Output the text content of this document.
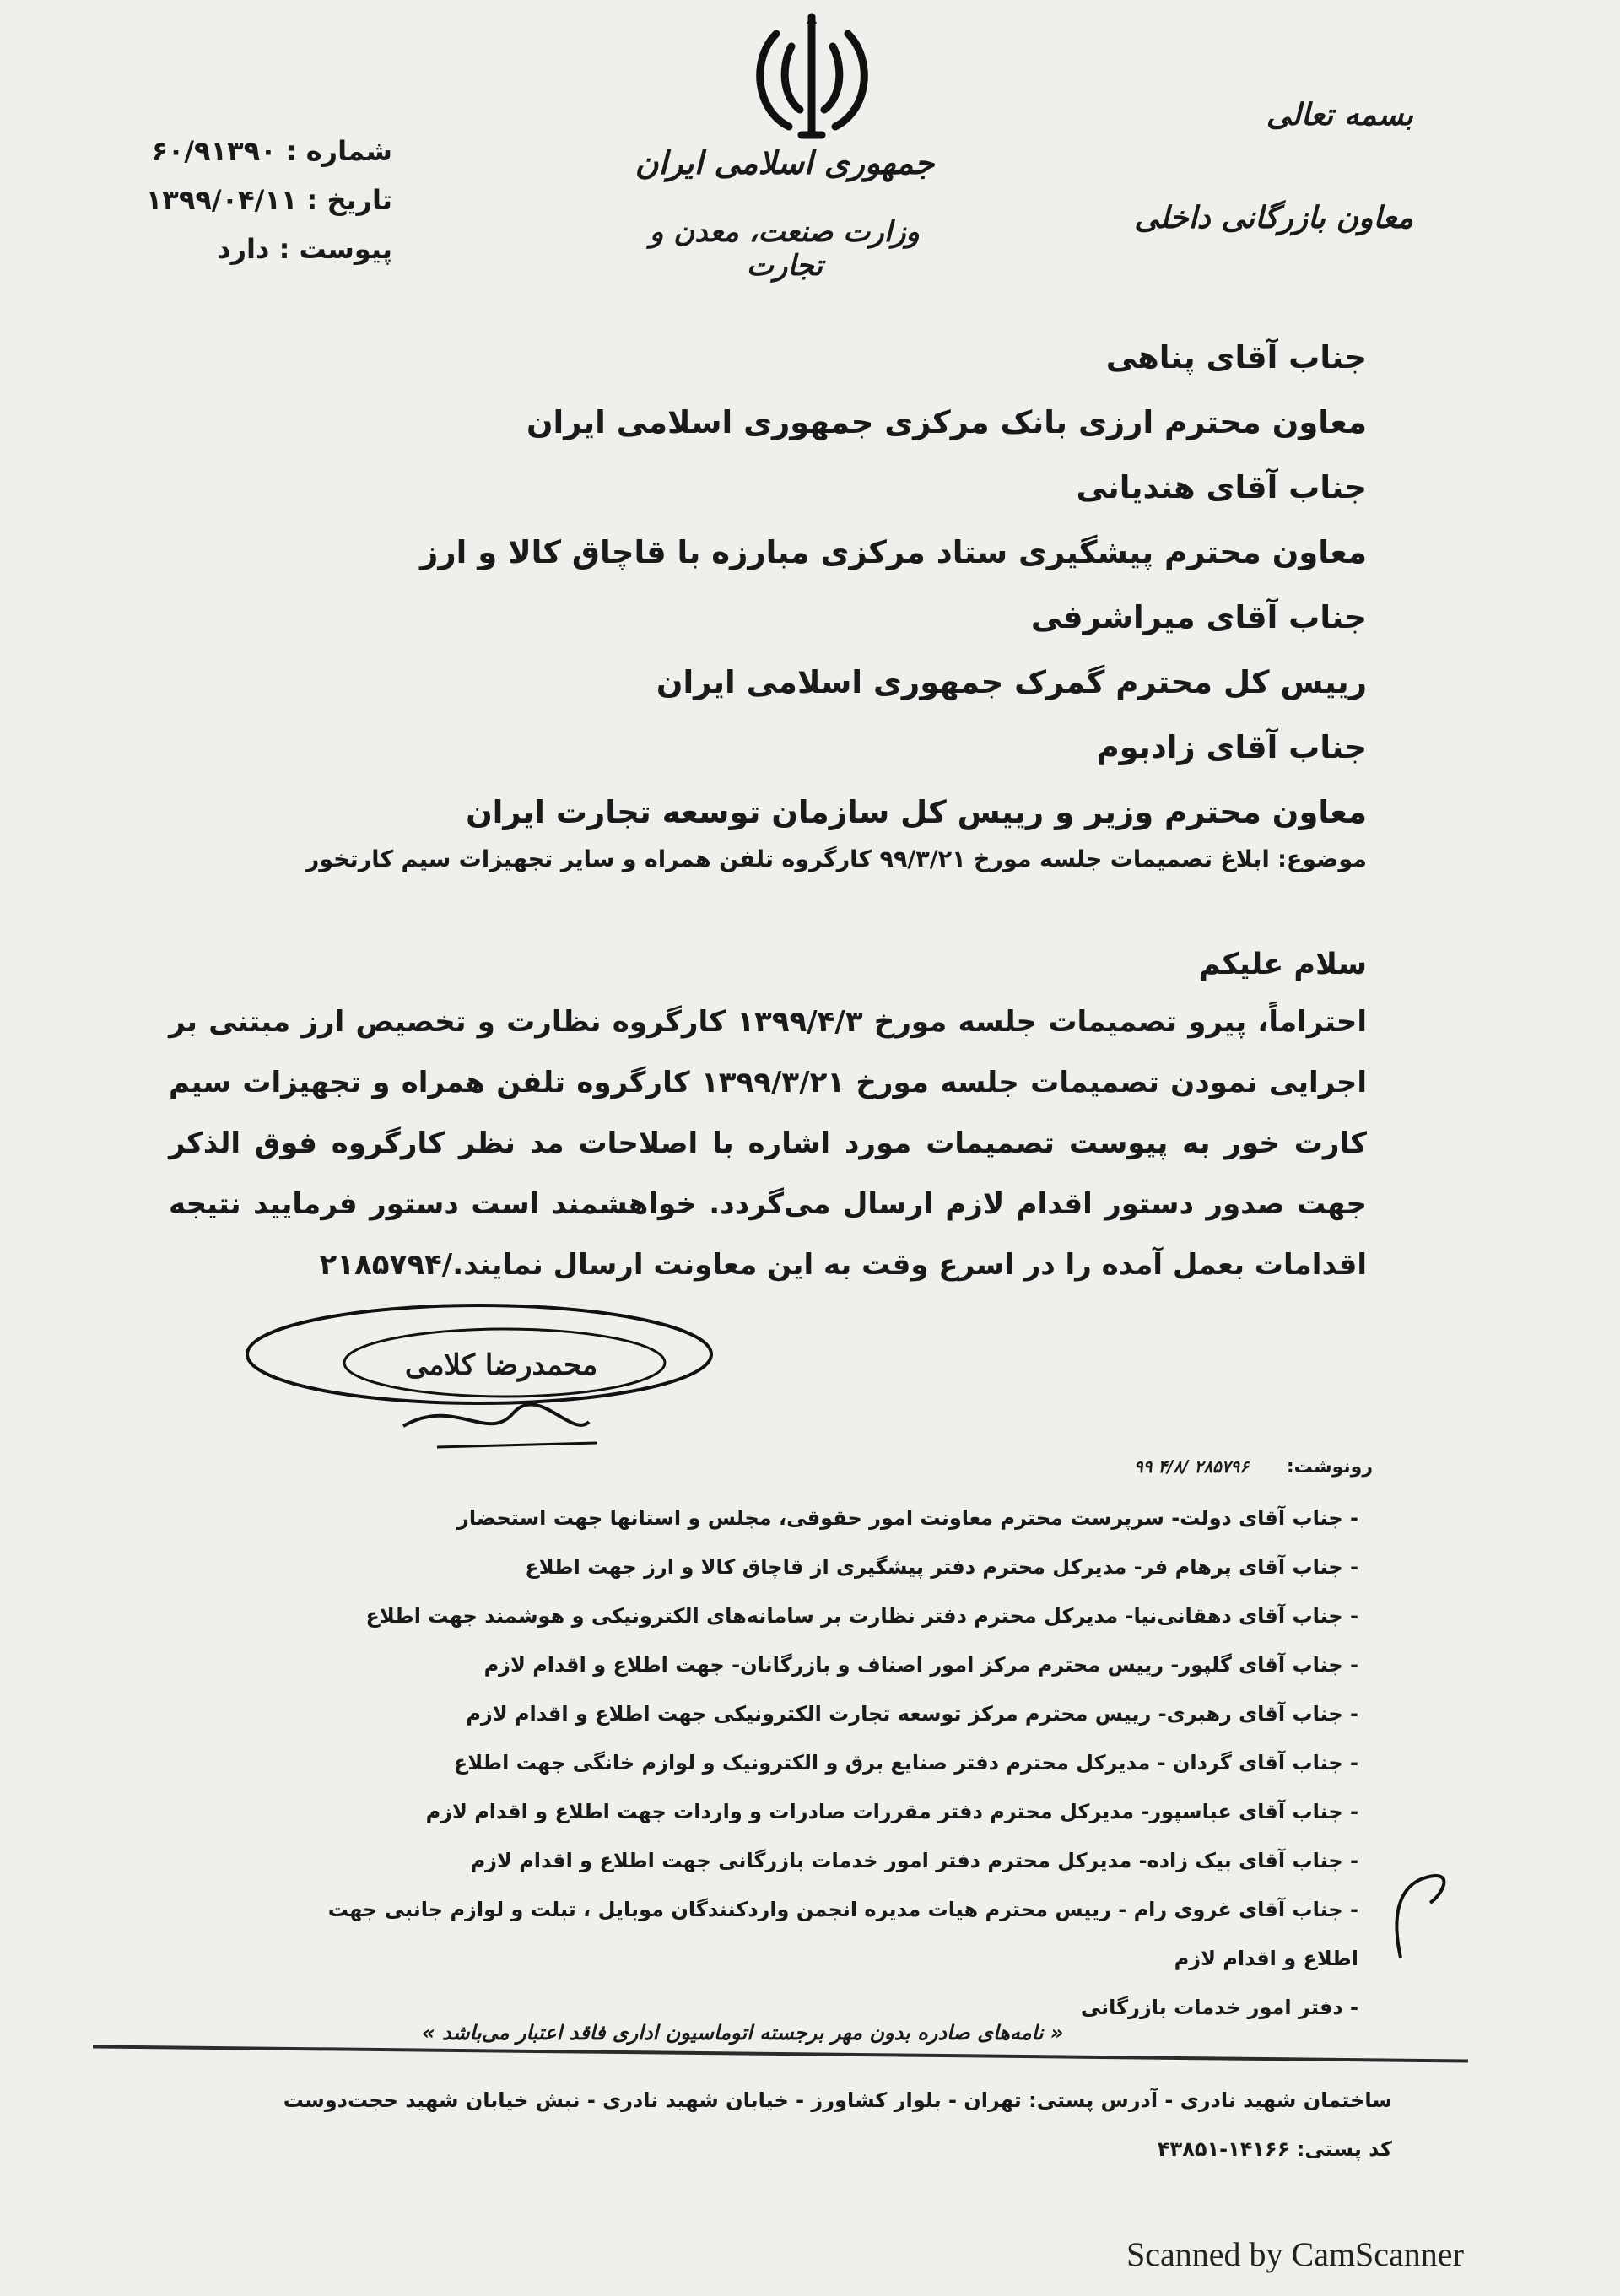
جمهوری اسلامی ایران
وزارت صنعت، معدن و تجارت
بسمه تعالی
معاون بازرگانی داخلی
شماره : ۶۰/۹۱۳۹۰
تاریخ : ۱۳۹۹/۰۴/۱۱
پیوست : دارد
جناب آقای پناهی
معاون محترم ارزی بانک مرکزی جمهوری اسلامی ایران
جناب آقای هندیانی
معاون محترم پیشگیری ستاد مرکزی مبارزه با قاچاق کالا و ارز
جناب آقای میراشرفی
رییس کل محترم گمرک جمهوری اسلامی ایران
جناب آقای زادبوم
معاون محترم وزیر و رییس کل سازمان توسعه تجارت ایران
موضوع: ابلاغ تصمیمات جلسه مورخ ۹۹/۳/۲۱ کارگروه تلفن همراه و سایر تجهیزات سیم کارتخور
سلام علیکم
احتراماً، پیرو تصمیمات جلسه مورخ ۱۳۹۹/۴/۳ کارگروه نظارت و تخصیص ارز مبتنی بر اجرایی نمودن تصمیمات جلسه مورخ ۱۳۹۹/۳/۲۱ کارگروه تلفن همراه و تجهیزات سیم کارت خور به پیوست تصمیمات مورد اشاره با اصلاحات مد نظر کارگروه فوق الذکر جهت صدور دستور اقدام لازم ارسال می‌گردد. خواهشمند است دستور فرمایید نتیجه اقدامات بعمل آمده را در اسرع وقت به این معاونت ارسال نمایند./۲۱۸۵۷۹۴
محمدرضا کلامی
رونوشت:
۲۸۵۷۹۶ /۴/۸ ۹۹
- جناب آقای دولت- سرپرست محترم معاونت امور حقوقی، مجلس و استانها جهت استحضار
- جناب آقای پرهام فر- مدیرکل محترم دفتر پیشگیری از قاچاق کالا و ارز جهت اطلاع
- جناب آقای دهقانی‌نیا- مدیرکل محترم دفتر نظارت بر سامانه‌های الکترونیکی و هوشمند جهت اطلاع
- جناب آقای گلپور- رییس محترم مرکز امور اصناف و بازرگانان- جهت اطلاع و اقدام لازم
- جناب آقای رهبری- رییس محترم مرکز توسعه تجارت الکترونیکی جهت اطلاع و اقدام لازم
- جناب آقای گردان - مدیرکل محترم دفتر صنایع برق و الکترونیک و لوازم خانگی جهت اطلاع
- جناب آقای عباسپور- مدیرکل محترم دفتر مقررات صادرات و واردات جهت اطلاع و اقدام لازم
- جناب آقای بیک زاده- مدیرکل محترم دفتر امور خدمات بازرگانی جهت اطلاع و اقدام لازم
- جناب آقای غروی رام - رییس محترم هیات مدیره انجمن واردکنندگان موبایل ، تبلت و لوازم جانبی جهت
اطلاع و اقدام لازم
- دفتر امور خدمات بازرگانی
« نامه‌های صادره بدون مهر برجسته اتوماسیون اداری فاقد اعتبار می‌باشد »
ساختمان شهید نادری - آدرس پستی: تهران - بلوار کشاورز - خیابان شهید نادری - نبش خیابان شهید حجت‌دوست
کد پستی: ۱۴۱۶۶-۴۳۸۵۱
Scanned by CamScanner
